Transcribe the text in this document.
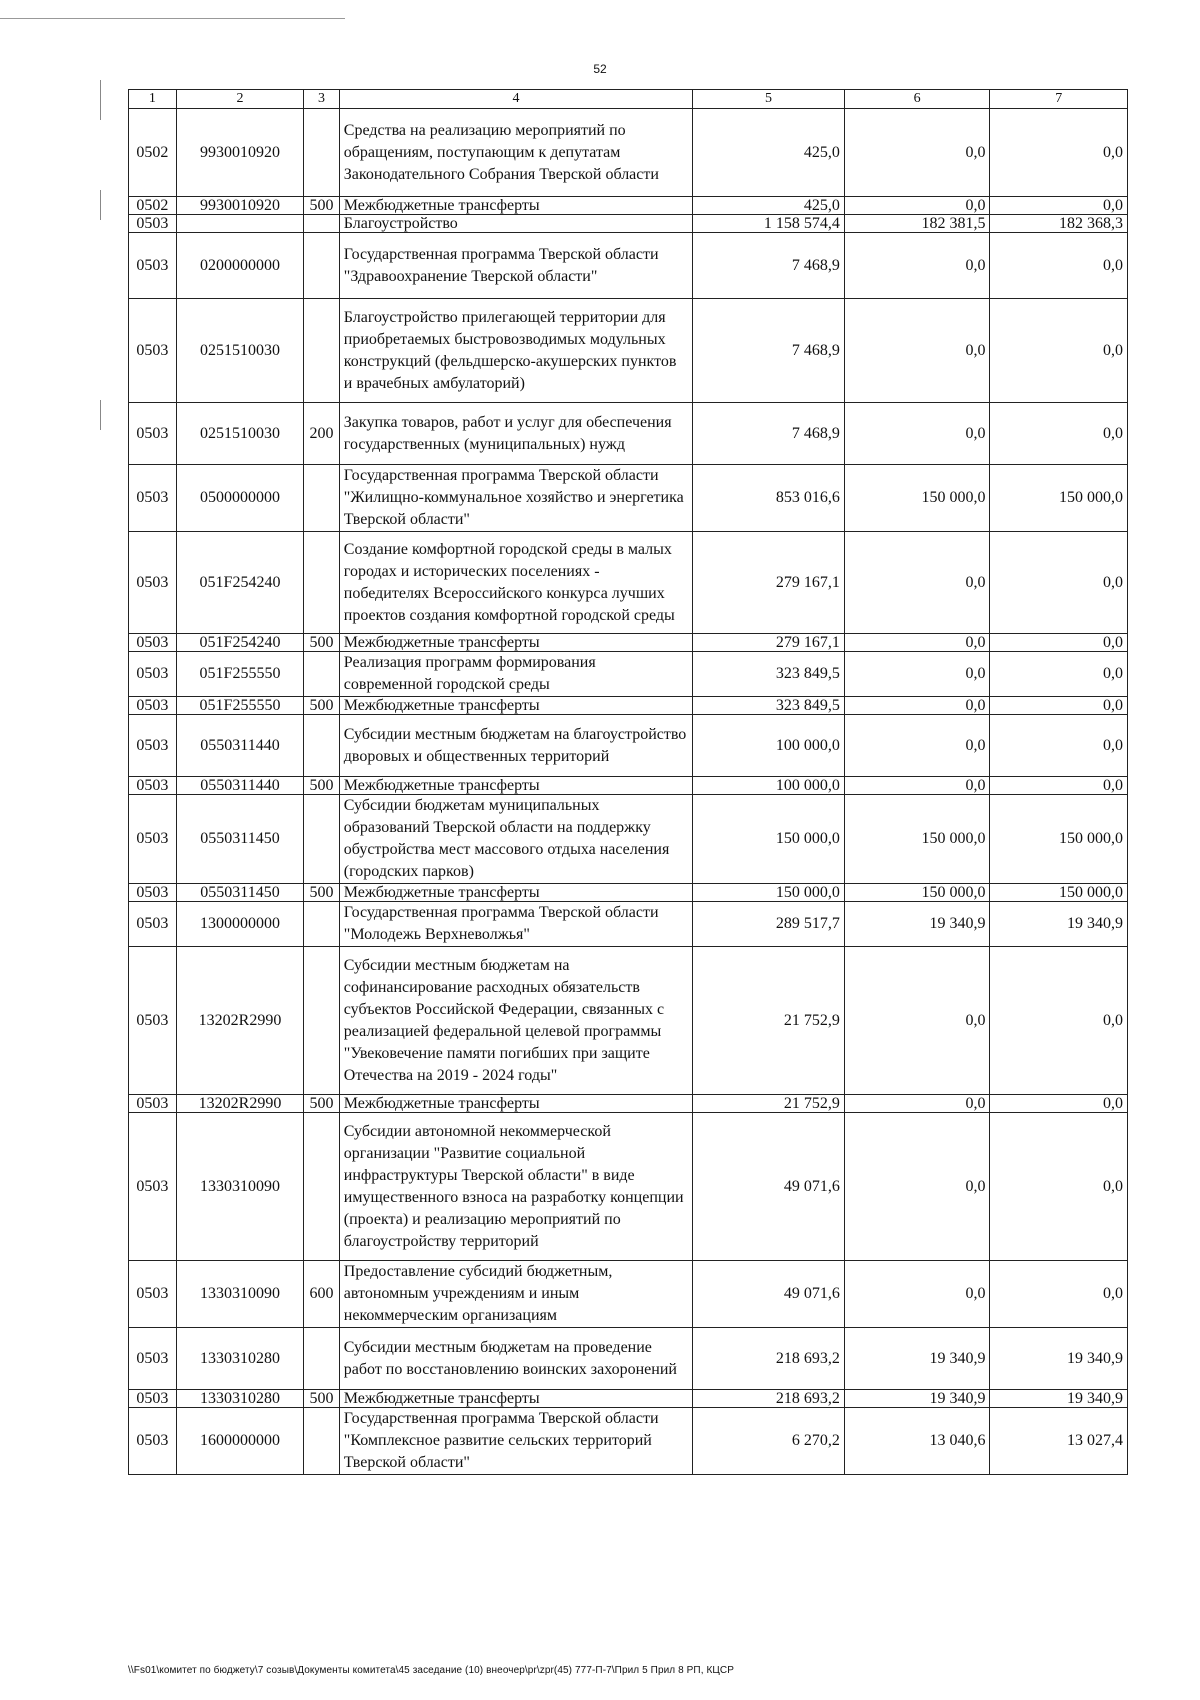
52
1	2	3	4	5	6	7
0502	9930010920		Средства на реализацию мероприятий по обращениям, поступающим к депутатам Законодательного Собрания Тверской области	425,0	0,0	0,0
0502	9930010920	500	Межбюджетные трансферты	425,0	0,0	0,0
0503			Благоустройство	1 158 574,4	182 381,5	182 368,3
0503	0200000000		Государственная программа Тверской области "Здравоохранение Тверской области"	7 468,9	0,0	0,0
0503	0251510030		Благоустройство прилегающей территории для приобретаемых быстровозводимых модульных конструкций (фельдшерско-акушерских пунктов и врачебных амбулаторий)	7 468,9	0,0	0,0
0503	0251510030	200	Закупка товаров, работ и услуг для обеспечения государственных (муниципальных) нужд	7 468,9	0,0	0,0
0503	0500000000		Государственная программа Тверской области "Жилищно-коммунальное хозяйство и энергетика Тверской области"	853 016,6	150 000,0	150 000,0
0503	051F254240		Создание комфортной городской среды в малых городах и исторических поселениях - победителях Всероссийского конкурса лучших проектов создания комфортной городской среды	279 167,1	0,0	0,0
0503	051F254240	500	Межбюджетные трансферты	279 167,1	0,0	0,0
0503	051F255550		Реализация программ формирования современной городской среды	323 849,5	0,0	0,0
0503	051F255550	500	Межбюджетные трансферты	323 849,5	0,0	0,0
0503	0550311440		Субсидии местным бюджетам на благоустройство дворовых и общественных территорий	100 000,0	0,0	0,0
0503	0550311440	500	Межбюджетные трансферты	100 000,0	0,0	0,0
0503	0550311450		Субсидии бюджетам муниципальных образований Тверской области на поддержку обустройства мест массового отдыха населения (городских парков)	150 000,0	150 000,0	150 000,0
0503	0550311450	500	Межбюджетные трансферты	150 000,0	150 000,0	150 000,0
0503	1300000000		Государственная программа Тверской области "Молодежь Верхневолжья"	289 517,7	19 340,9	19 340,9
0503	13202R2990		Субсидии местным бюджетам на софинансирование расходных обязательств субъектов Российской Федерации, связанных с реализацией федеральной целевой программы "Увековечение памяти погибших при защите Отечества на 2019 - 2024 годы"	21 752,9	0,0	0,0
0503	13202R2990	500	Межбюджетные трансферты	21 752,9	0,0	0,0
0503	1330310090		Субсидии автономной некоммерческой организации "Развитие социальной инфраструктуры Тверской области" в виде имущественного взноса на разработку концепции (проекта) и реализацию мероприятий по благоустройству территорий	49 071,6	0,0	0,0
0503	1330310090	600	Предоставление субсидий бюджетным, автономным учреждениям и иным некоммерческим организациям	49 071,6	0,0	0,0
0503	1330310280		Субсидии местным бюджетам на проведение работ по восстановлению воинских захоронений	218 693,2	19 340,9	19 340,9
0503	1330310280	500	Межбюджетные трансферты	218 693,2	19 340,9	19 340,9
0503	1600000000		Государственная программа Тверской области "Комплексное развитие сельских территорий Тверской области"	6 270,2	13 040,6	13 027,4
\\Fs01\комитет по бюджету\7 созыв\Документы комитета\45 заседание (10) внеочер\pr\zpr(45) 777-П-7\Прил 5 Прил 8 РП, КЦСР
